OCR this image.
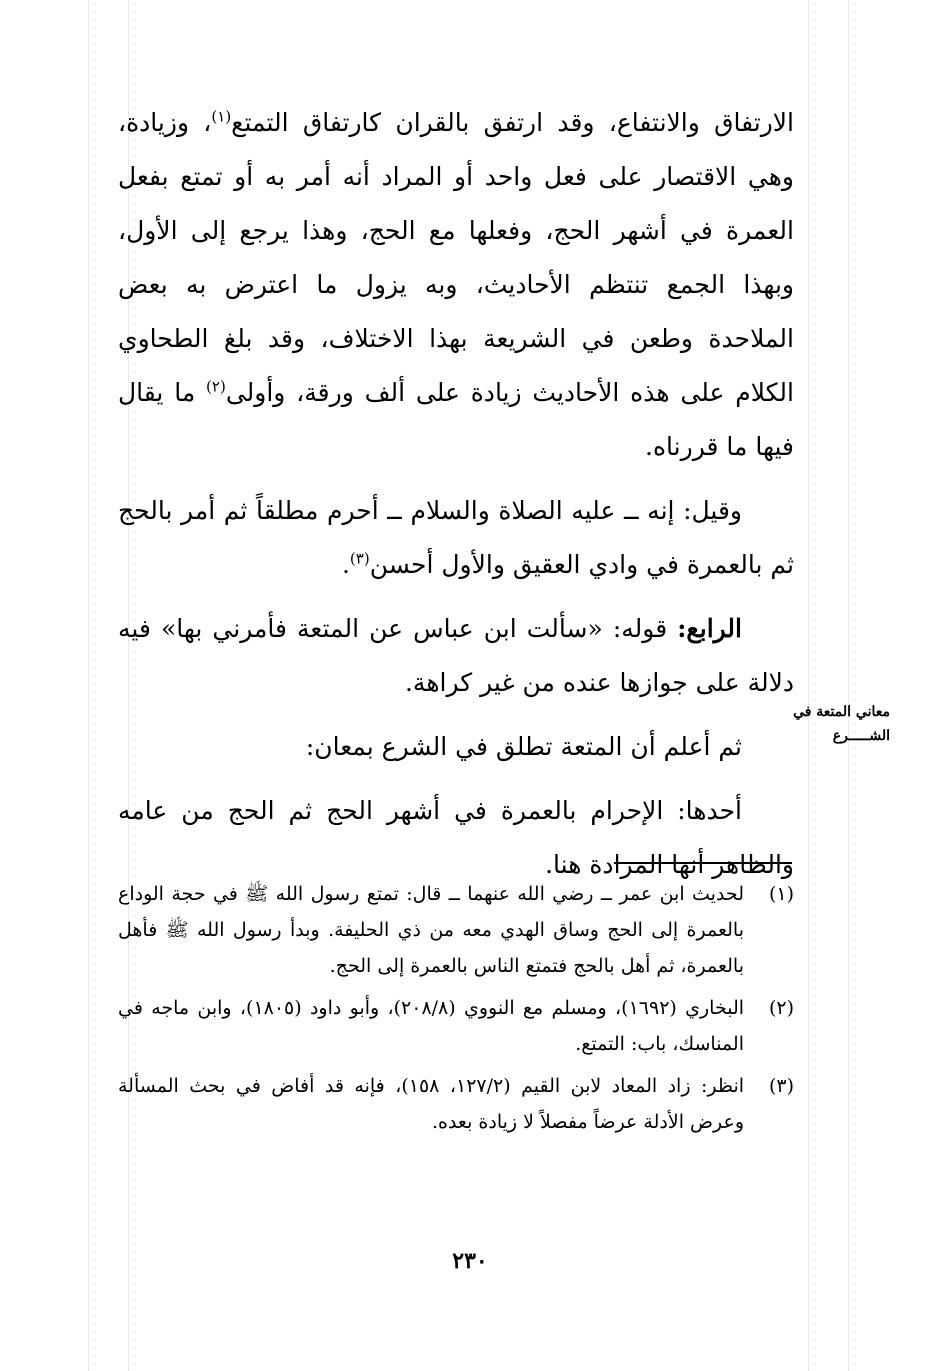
الارتفاق والانتفاع، وقد ارتفق بالقران كارتفاق التمتع$^{(١)}$، وزيادة، وهي الاقتصار على فعل واحد أو المراد أنه أمر به أو تمتع بفعل العمرة في أشهر الحج، وفعلها مع الحج، وهذا يرجع إلى الأول، وبهذا الجمع تنتظم الأحاديث، وبه يزول ما اعترض به بعض الملاحدة وطعن في الشريعة بهذا الاختلاف، وقد بلغ الطحاوي الكلام على هذه الأحاديث زيادة على ألف ورقة، وأولى$^{(٢)}$ ما يقال فيها ما قررناه.

وقيل: إنه ــ عليه الصلاة والسلام ــ أحرم مطلقاً ثم أمر بالحج ثم بالعمرة في وادي العقيق والأول أحسن$^{(٣)}$.

الرابع: قوله: «سألت ابن عباس عن المتعة فأمرني بها» فيه دلالة على جوازها عنده من غير كراهة.

ثم أعلم أن المتعة تطلق في الشرع بمعان:

أحدها: الإحرام بالعمرة في أشهر الحج ثم الحج من عامه والظاهر أنها المرادة هنا.

معاني المتعة في
الشـــــرع
(١)
لحديث ابن عمر ــ رضي الله عنهما ــ قال: تمتع رسول الله ﷺ في حجة الوداع بالعمرة إلى الحج وساق الهدي معه من ذي الحليفة. وبدأ رسول الله ﷺ فأهل بالعمرة، ثم أهل بالحج فتمتع الناس بالعمرة إلى الحج.
(٢)
البخاري (١٦٩٢)، ومسلم مع النووي (٢٠٨/٨)، وأبو داود (١٨٠٥)، وابن ماجه في المناسك، باب: التمتع.
(٣)
انظر: زاد المعاد لابن القيم (١٢٧/٢، ١٥٨)، فإنه قد أفاض في بحث المسألة وعرض الأدلة عرضاً مفصلاً لا زيادة بعده.
٢٣٠
